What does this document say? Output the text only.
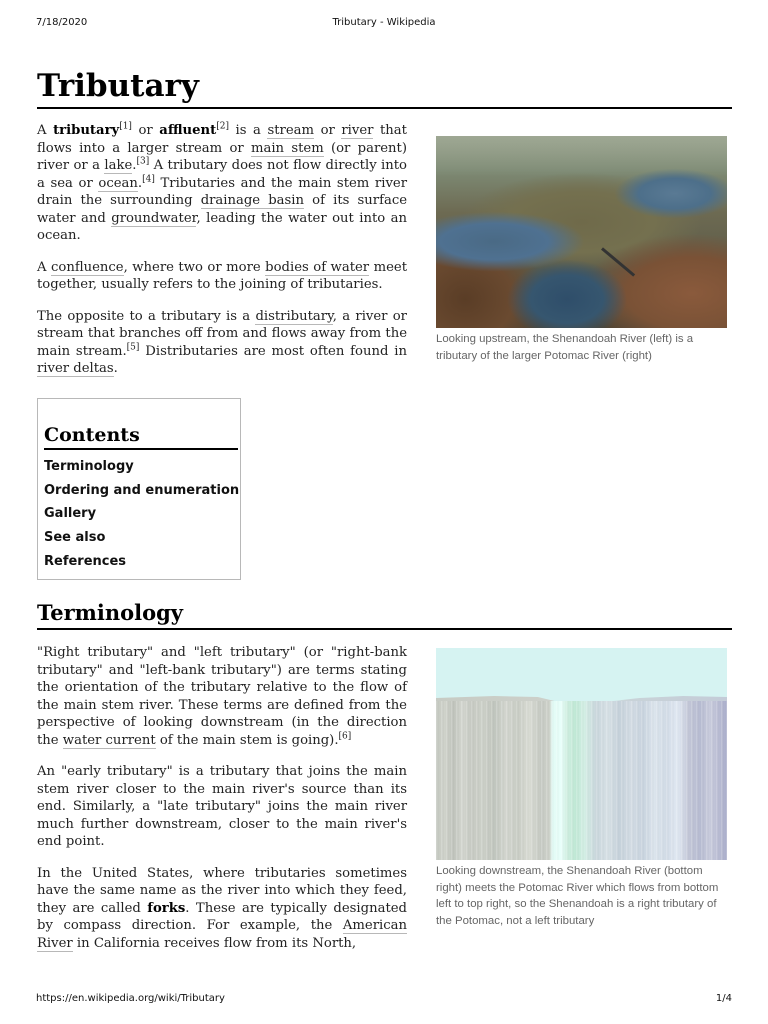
7/18/2020	Tributary - Wikipedia
Tributary

A tributary[1] or affluent[2] is a stream or river that flows into a larger stream or main stem (or parent) river or a lake.[3] A tributary does not flow directly into a sea or ocean.[4] Tributaries and the main stem river drain the surrounding drainage basin of its surface water and groundwater, leading the water out into an ocean.

A confluence, where two or more bodies of water meet together, usually refers to the joining of tributaries.

The opposite to a tributary is a distributary, a river or stream that branches off from and flows away from the main stream.[5] Distributaries are most often found in river deltas.

Looking upstream, the Shenandoah River (left) is a tributary of the larger Potomac River (right)
Contents
Terminology
Ordering and enumeration
Gallery
See also
References
Terminology

"Right tributary" and "left tributary" (or "right-bank tributary" and "left-bank tributary") are terms stating the orientation of the tributary relative to the flow of the main stem river. These terms are defined from the perspective of looking downstream (in the direction the water current of the main stem is going).[6]

An "early tributary" is a tributary that joins the main stem river closer to the main river's source than its end. Similarly, a "late tributary" joins the main river much further downstream, closer to the main river's end point.

In the United States, where tributaries sometimes have the same name as the river into which they feed, they are called forks. These are typically designated by compass direction. For example, the American River in California receives flow from its North,

Looking downstream, the Shenandoah River (bottom right) meets the Potomac River which flows from bottom left to top right, so the Shenandoah is a right tributary of the Potomac, not a left tributary
https://en.wikipedia.org/wiki/Tributary	1/4
